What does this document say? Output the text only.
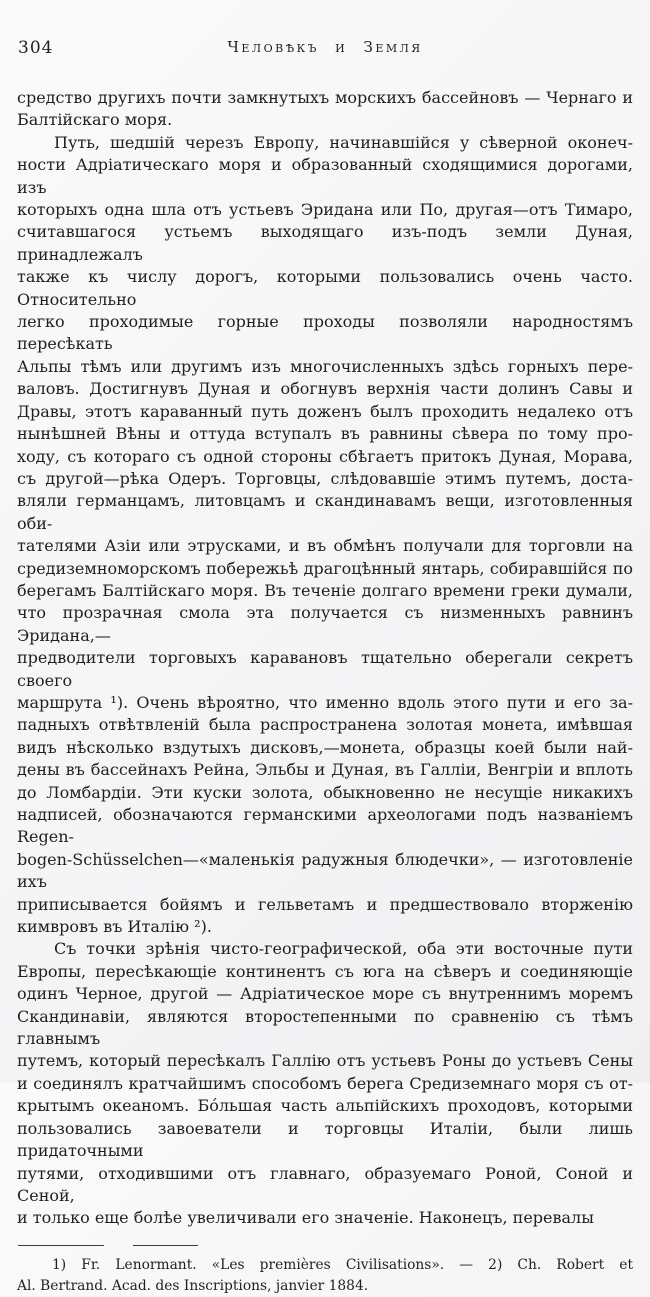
304	Человѣкъ и Земля
средство другихъ почти замкнутыхъ морскихъ бассейновъ — Чернаго и
Балтійскаго моря.
Путь, шедшій черезъ Европу, начинавшійся у сѣверной оконеч-
ности Адріатическаго моря и образованный сходящимися дорогами, изъ
которыхъ одна шла отъ устьевъ Эридана или По, другая—отъ Тимаро,
считавшагося устьемъ выходящаго изъ-подъ земли Дуная, принадлежалъ
также къ числу дорогъ, которыми пользовались очень часто. Относительно
легко проходимые горные проходы позволяли народностямъ пересѣкать
Альпы тѣмъ или другимъ изъ многочисленныхъ здѣсь горныхъ пере-
валовъ. Достигнувъ Дуная и обогнувъ верхнія части долинъ Савы и
Дравы, этотъ караванный путь доженъ былъ проходить недалеко отъ
нынѣшней Вѣны и оттуда вступалъ въ равнины сѣвера по тому про-
ходу, съ котораго съ одной стороны сбѣгаетъ притокъ Дуная, Морава,
съ другой—рѣка Одеръ. Торговцы, слѣдовавшіе этимъ путемъ, доста-
вляли германцамъ, литовцамъ и скандинавамъ вещи, изготовленныя оби-
тателями Азіи или этрусками, и въ обмѣнъ получали для торговли на
средиземноморскомъ побережьѣ драгоцѣнный янтарь, собиравшійся по
берегамъ Балтійскаго моря. Въ теченіе долгаго времени греки думали,
что прозрачная смола эта получается съ низменныхъ равнинъ Эридана,—
предводители торговыхъ каравановъ тщательно оберегали секретъ своего
маршрута ¹). Очень вѣроятно, что именно вдоль этого пути и его за-
падныхъ отвѣтвленій была распространена золотая монета, имѣвшая
видъ нѣсколько вздутыхъ дисковъ,—монета, образцы коей были най-
дены въ бассейнахъ Рейна, Эльбы и Дуная, въ Галліи, Венгріи и вплоть
до Ломбардіи. Эти куски золота, обыкновенно не несущіе никакихъ
надписей, обозначаются германскими археологами подъ названіемъ Regen-
bogen-Schüsselchen—«маленькія радужныя блюдечки», — изготовленіе ихъ
приписывается бойямъ и гельветамъ и предшествовало вторженію
кимвровъ въ Италію ²).
Съ точки зрѣнія чисто-географической, оба эти восточные пути
Европы, пересѣкающіе континентъ съ юга на сѣверъ и соединяющіе
одинъ Черное, другой — Адріатическое море съ внутреннимъ моремъ
Скандинавіи, являются второстепенными по сравненію съ тѣмъ главнымъ
путемъ, который пересѣкалъ Галлію отъ устьевъ Роны до устьевъ Сены
и соединялъ кратчайшимъ способомъ берега Средиземнаго моря съ от-
крытымъ океаномъ. Бо́льшая часть альпійскихъ проходовъ, которыми
пользовались завоеватели и торговцы Италіи, были лишь придаточными
путями, отходившими отъ главнаго, образуемаго Роной, Соной и Сеной,
и только еще болѣе увеличивали его значеніе. Наконецъ, перевалы
1) Fr. Lenormant. «Les premières Civilisations». — 2) Ch. Robert et
Al. Bertrand. Acad. des Inscriptions, janvier 1884.
